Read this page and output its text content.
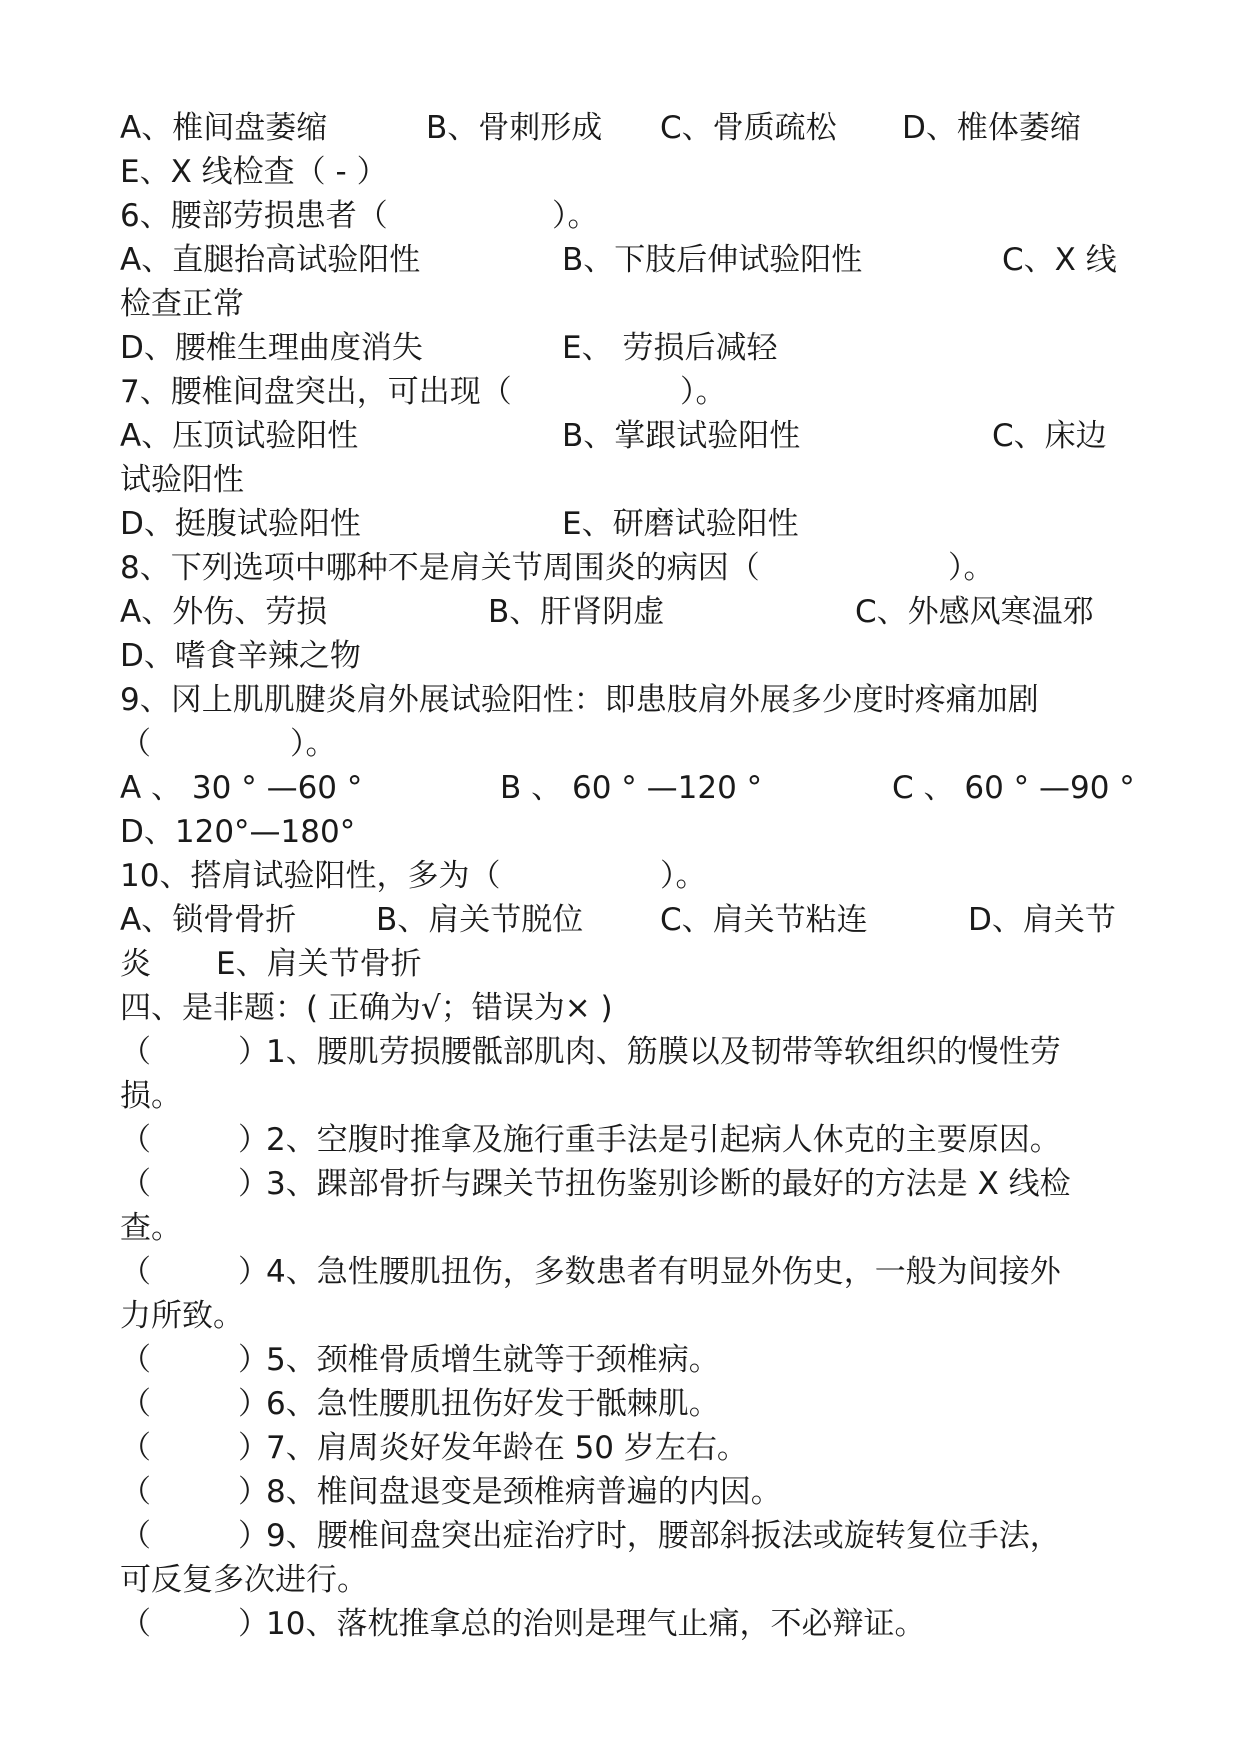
A、椎间盘萎缩	B、骨刺形成 C、骨质疏松 D、椎体萎缩
E、X 线检查（ - ）
6、腰部劳损患者（	）。
A、直腿抬高试验阳性	B、下肢后伸试验阳性	C、X 线
检查正常
D、腰椎生理曲度消失	E、 劳损后减轻
7、腰椎间盘突出，可出现（	）。
A、压顶试验阳性	B、掌跟试验阳性	C、床边
试验阳性
D、挺腹试验阳性	E、研磨试验阳性
8、下列选项中哪种不是肩关节周围炎的病因（	）。
A、外伤、劳损	B、肝肾阴虚	C、外感风寒温邪
D、嗜食辛辣之物
9、冈上肌肌腱炎肩外展试验阳性：即患肢肩外展多少度时疼痛加剧
（	）。
A 、 30 ° —60 °	B 、 60 ° —120 °	C 、 60 ° —90 °
D、120°—180°
10、搭肩试验阳性，多为（	）。
A、锁骨骨折	B、肩关节脱位 C、肩关节粘连	D、肩关节
炎 E、肩关节骨折
四、是非题：( 正确为√；错误为× )
（	）
1、腰肌劳损腰骶部肌肉、筋膜以及韧带等软组织的慢性劳
损。
（	）
2、空腹时推拿及施行重手法是引起病人休克的主要原因。
（	）
3、踝部骨折与踝关节扭伤鉴别诊断的最好的方法是 X 线检
查。
（	）
4、急性腰肌扭伤，多数患者有明显外伤史，一般为间接外
力所致。
（	）
5、颈椎骨质增生就等于颈椎病。
（	）
6、急性腰肌扭伤好发于骶棘肌。
（	）
7、肩周炎好发年龄在 50 岁左右。
（	）
8、椎间盘退变是颈椎病普遍的内因。
（	）
9、腰椎间盘突出症治疗时，腰部斜扳法或旋转复位手法，
可反复多次进行。
（	）
10、落枕推拿总的治则是理气止痛，不必辩证。
